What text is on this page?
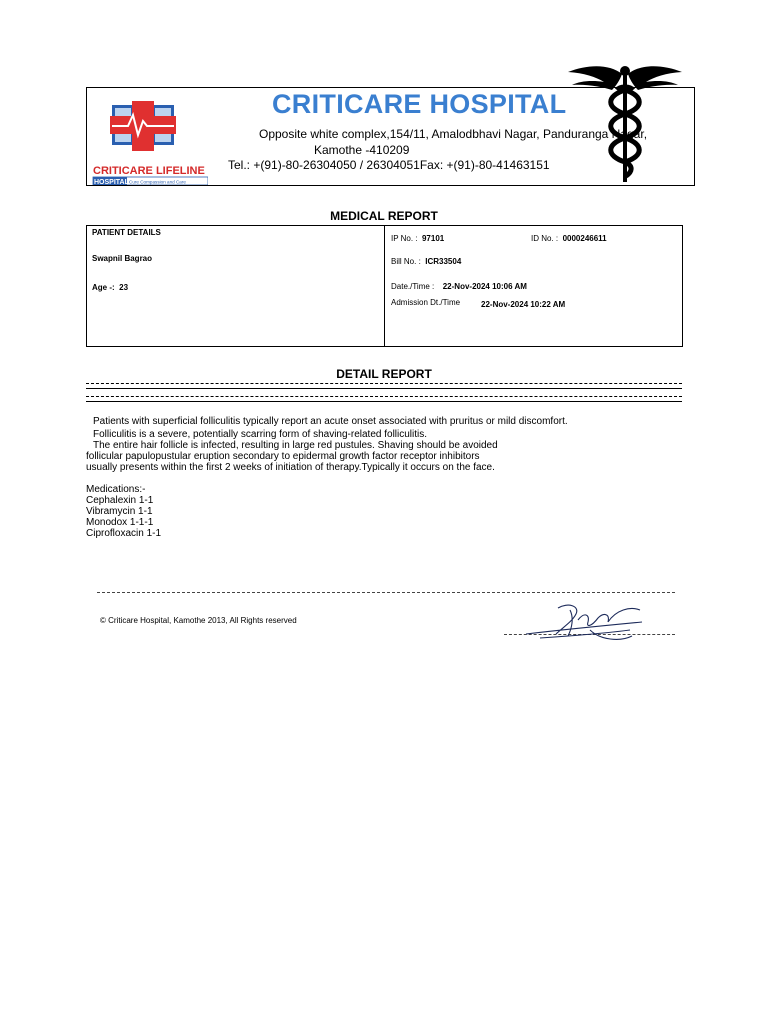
CRITICARE LIFELINE
HOSPITAL Cure Compassion and Care
CRITICARE HOSPITAL
Opposite white complex,154/11, Amalodbhavi Nagar, Panduranga Nagar,
Kamothe -410209
Tel.: +(91)-80-26304050 / 26304051Fax: +(91)-80-41463151
MEDICAL REPORT
PATIENT DETAILS
Swapnil Bagrao
Age -: 23
IP No. : 97101	ID No. : 0000246611
Bill No. : ICR33504
Date./Time : 22-Nov-2024 10:06 AM
Admission Dt./Time	22-Nov-2024 10:22 AM
DETAIL REPORT
Patients with superficial folliculitis typically report an acute onset associated with pruritus or mild discomfort.
Folliculitis is a severe, potentially scarring form of shaving-related folliculitis.
The entire hair follicle is infected, resulting in large red pustules. Shaving should be avoided
follicular papulopustular eruption secondary to epidermal growth factor receptor inhibitors
usually presents within the first 2 weeks of initiation of therapy.Typically it occurs on the face.
Medications:-
Cephalexin 1-1
Vibramycin 1-1
Monodox 1-1-1
Ciprofloxacin 1-1
© Criticare Hospital, Kamothe 2013, All Rights reserved
